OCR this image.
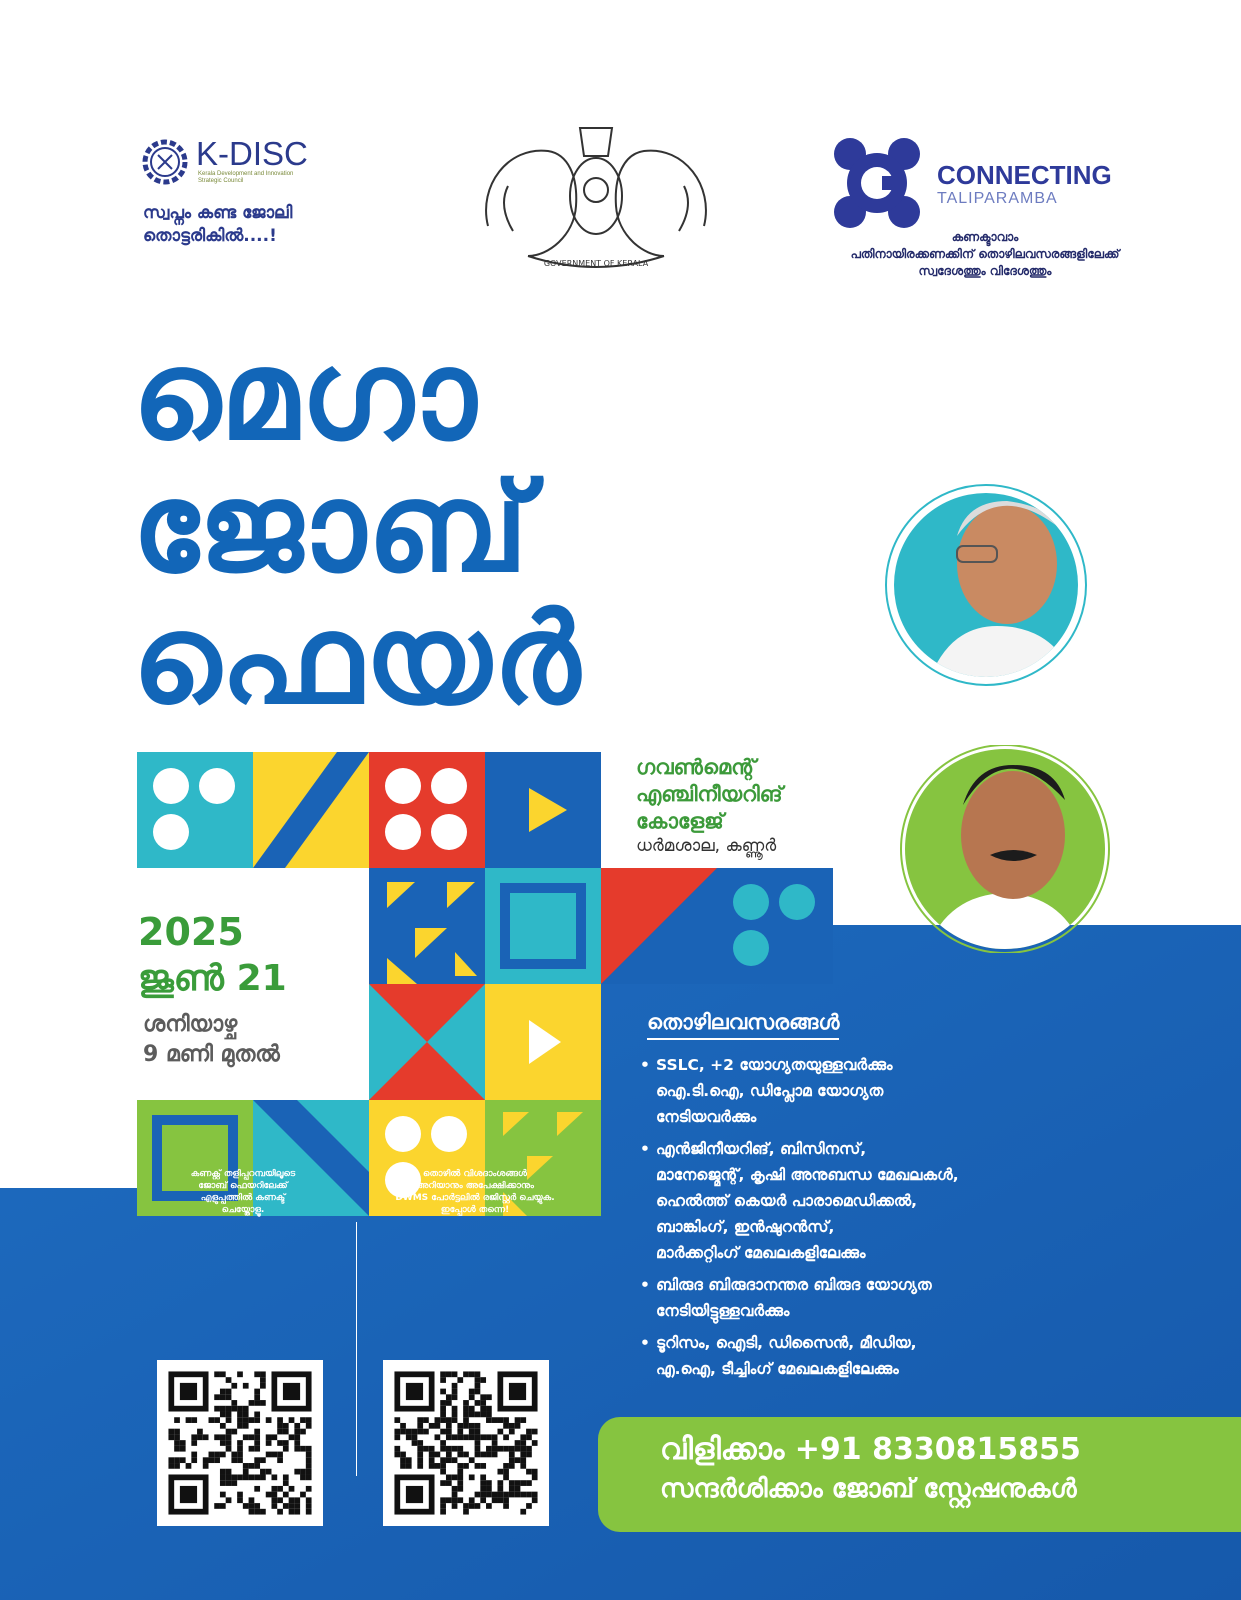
K-DISC
Kerala Development and Innovation
Strategic Council
സ്വപ്നം കണ്ട ജോലി
തൊട്ടരികിൽ....!
GOVERNMENT OF KERALA
CONNECTING
TALIPARAMBA
കണക്ടാവാം
പതിനായിരക്കണക്കിന് തൊഴിലവസരങ്ങളിലേക്ക്
സ്വദേശത്തും വിദേശത്തും
മെഗാ
ജോബ്
ഫെയർ
ഗവൺമെന്റ്
എഞ്ചിനീയറിങ്
കോളേജ്
ധർമശാല, കണ്ണൂർ
2025
ജൂൺ 21
ശനിയാഴ്ച
9 മണി മുതൽ
തൊഴിലവസരങ്ങൾ
• SSLC, +2 യോഗ്യതയുള്ളവർക്കും
ഐ.ടി.ഐ, ഡിപ്ലോമ യോഗ്യത
നേടിയവർക്കും
• എൻജിനീയറിങ്, ബിസിനസ്,
മാനേജ്മെന്റ്, കൃഷി അനുബന്ധ മേഖലകൾ,
ഹെൽത്ത് കെയർ പാരാമെഡിക്കൽ,
ബാങ്കിംഗ്, ഇൻഷുറൻസ്,
മാർക്കറ്റിംഗ് മേഖലകളിലേക്കും
• ബിരുദ ബിരുദാനന്തര ബിരുദ യോഗ്യത
നേടിയിട്ടുള്ളവർക്കും
• ടൂറിസം, ഐടി, ഡിസൈൻ, മീഡിയ,
എ.ഐ, ടീച്ചിംഗ് മേഖലകളിലേക്കും
വിളിക്കാം +91 8330815855
സന്ദർശിക്കാം ജോബ് സ്റ്റേഷനുകൾ
കണക്റ്റ് തളിപ്പറമ്പയിലൂടെ
ജോബ് ഫെയറിലേക്ക്
എളുപ്പത്തിൽ കണക്ട്
ചെയ്തോളൂ.
തൊഴിൽ വിശദാംശങ്ങൾ
അറിയാനും അപേക്ഷിക്കാനും
DWMS പോർട്ടലിൽ രജിസ്റ്റർ ചെയ്യുക.
ഇപ്പോൾ തന്നെ!
